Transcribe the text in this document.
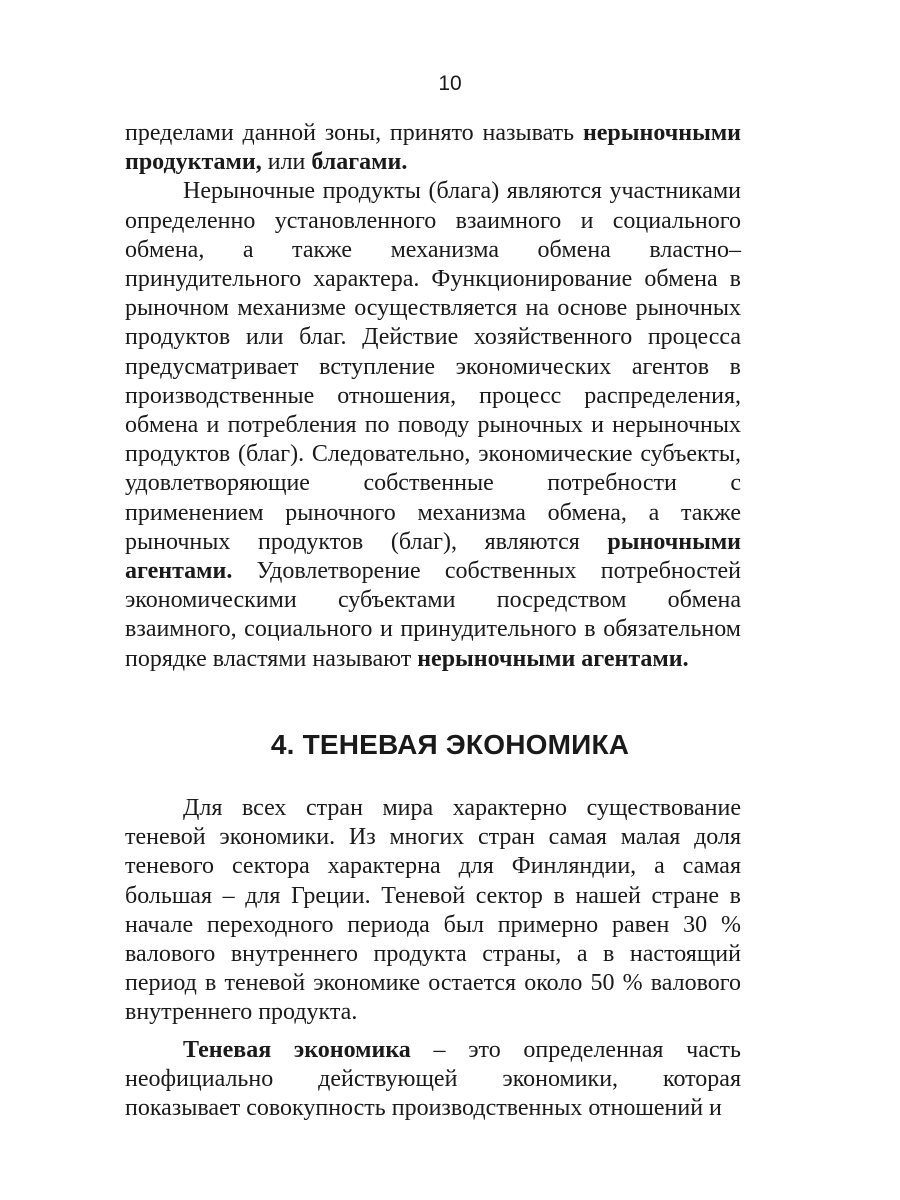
10

пределами данной зоны, принято называть нерыночными продуктами, или благами.

Нерыночные продукты (блага) являются участниками определенно установленного взаимного и социального обмена, а также механизма обмена властно–принудительного характера. Функционирование обмена в рыночном механизме осуществляется на основе рыночных продуктов или благ. Действие хозяйственного процесса предусматривает вступление экономических агентов в производственные отношения, процесс распределения, обмена и потребления по поводу рыночных и нерыночных продуктов (благ). Следовательно, экономические субъекты, удовлетворяющие собственные потребности с применением рыночного механизма обмена, а также рыночных продуктов (благ), являются рыночными агентами. Удовлетворение собственных потребностей экономическими субъектами посредством обмена взаимного, социального и принудительного в обязательном порядке властями называют нерыночными агентами.

4. ТЕНЕВАЯ ЭКОНОМИКА

Для всех стран мира характерно существование теневой экономики. Из многих стран самая малая доля теневого сектора характерна для Финляндии, а самая большая – для Греции. Теневой сектор в нашей стране в начале переходного периода был примерно равен 30 % валового внутреннего продукта страны, а в настоящий период в теневой экономике остается около 50 % валового внутреннего продукта.

Теневая экономика – это определенная часть неофициально действующей экономики, которая показывает совокупность производственных отношений и
